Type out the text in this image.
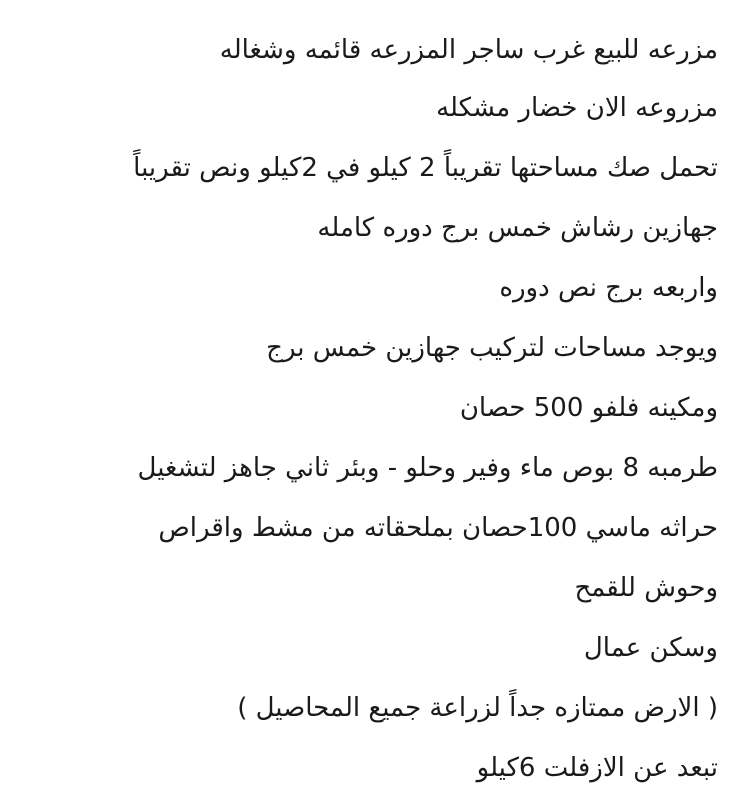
مزرعه للبيع غرب ساجر المزرعه قائمه وشغاله
مزروعه الان خضار مشكله
تحمل صك مساحتها تقريباً 2 كيلو في 2كيلو ونص تقريباً
جهازين رشاش خمس برج دوره كامله
واربعه برج نص دوره
ويوجد مساحات لتركيب جهازين خمس برج
ومكينه فلفو 500 حصان
طرمبه 8 بوص ماء وفير وحلو - وبئر ثاني جاهز لتشغيل
حراثه ماسي 100حصان بملحقاته من مشط واقراص
وحوش للقمح
وسكن عمال
( الارض ممتازه جداً لزراعة جميع المحاصيل )
تبعد عن الازفلت 6كيلو
